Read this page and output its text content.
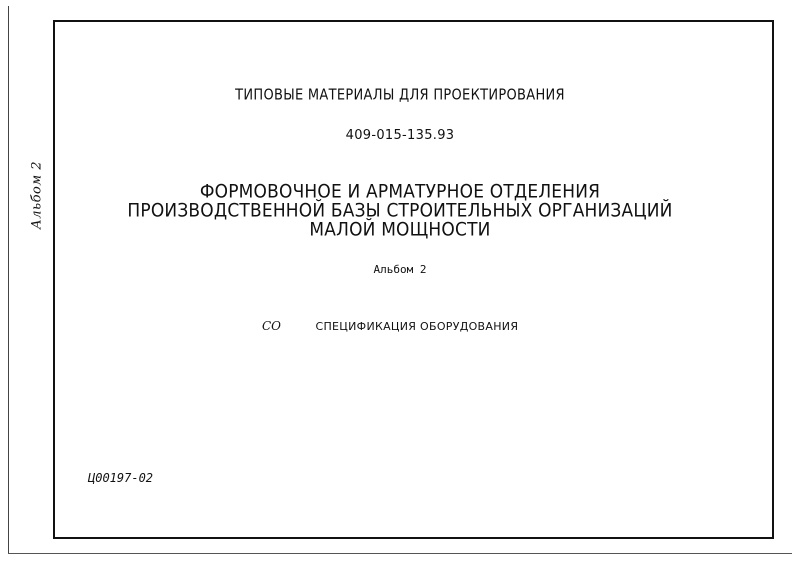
Альбом 2
ТИПОВЫЕ МАТЕРИАЛЫ ДЛЯ ПРОЕКТИРОВАНИЯ
409-015-135.93
ФОРМОВОЧНОЕ И АРМАТУРНОЕ ОТДЕЛЕНИЯ
ПРОИЗВОДСТВЕННОЙ БАЗЫ СТРОИТЕЛЬНЫХ ОРГАНИЗАЦИЙ
МАЛОЙ МОЩНОСТИ
Альбом 2
СО	СПЕЦИФИКАЦИЯ ОБОРУДОВАНИЯ
Ц00197-02
